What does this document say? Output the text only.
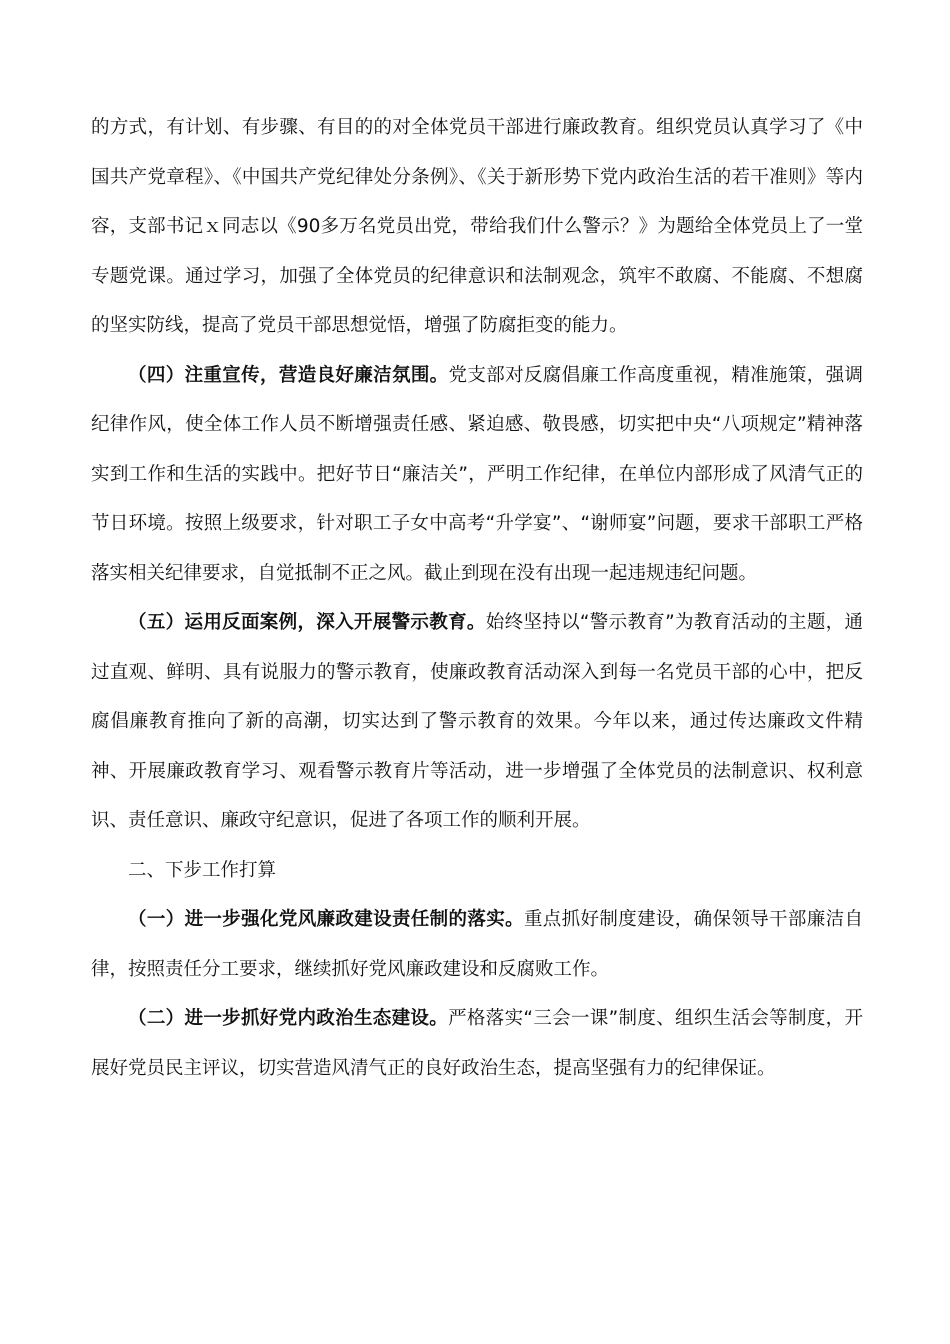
的方式，有计划、有步骤、有目的的对全体党员干部进行廉政教育。组织党员认真学习了《中国共产党章程》、《中国共产党纪律处分条例》、《关于新形势下党内政治生活的若干准则》等内容，支部书记ｘ同志以《90多万名党员出党，带给我们什么警示？》为题给全体党员上了一堂专题党课。通过学习，加强了全体党员的纪律意识和法制观念，筑牢不敢腐、不能腐、不想腐的坚实防线，提高了党员干部思想觉悟，增强了防腐拒变的能力。

（四）注重宣传，营造良好廉洁氛围。党支部对反腐倡廉工作高度重视，精准施策，强调纪律作风，使全体工作人员不断增强责任感、紧迫感、敬畏感，切实把中央“八项规定”精神落实到工作和生活的实践中。把好节日“廉洁关”，严明工作纪律，在单位内部形成了风清气正的节日环境。按照上级要求，针对职工子女中高考“升学宴”、“谢师宴”问题，要求干部职工严格落实相关纪律要求，自觉抵制不正之风。截止到现在没有出现一起违规违纪问题。

（五）运用反面案例，深入开展警示教育。始终坚持以“警示教育”为教育活动的主题，通过直观、鲜明、具有说服力的警示教育，使廉政教育活动深入到每一名党员干部的心中，把反腐倡廉教育推向了新的高潮，切实达到了警示教育的效果。今年以来，通过传达廉政文件精神、开展廉政教育学习、观看警示教育片等活动，进一步增强了全体党员的法制意识、权利意识、责任意识、廉政守纪意识，促进了各项工作的顺利开展。

二、下步工作打算

（一）进一步强化党风廉政建设责任制的落实。重点抓好制度建设，确保领导干部廉洁自律，按照责任分工要求，继续抓好党风廉政建设和反腐败工作。

（二）进一步抓好党内政治生态建设。严格落实“三会一课”制度、组织生活会等制度，开展好党员民主评议，切实营造风清气正的良好政治生态，提高坚强有力的纪律保证。
